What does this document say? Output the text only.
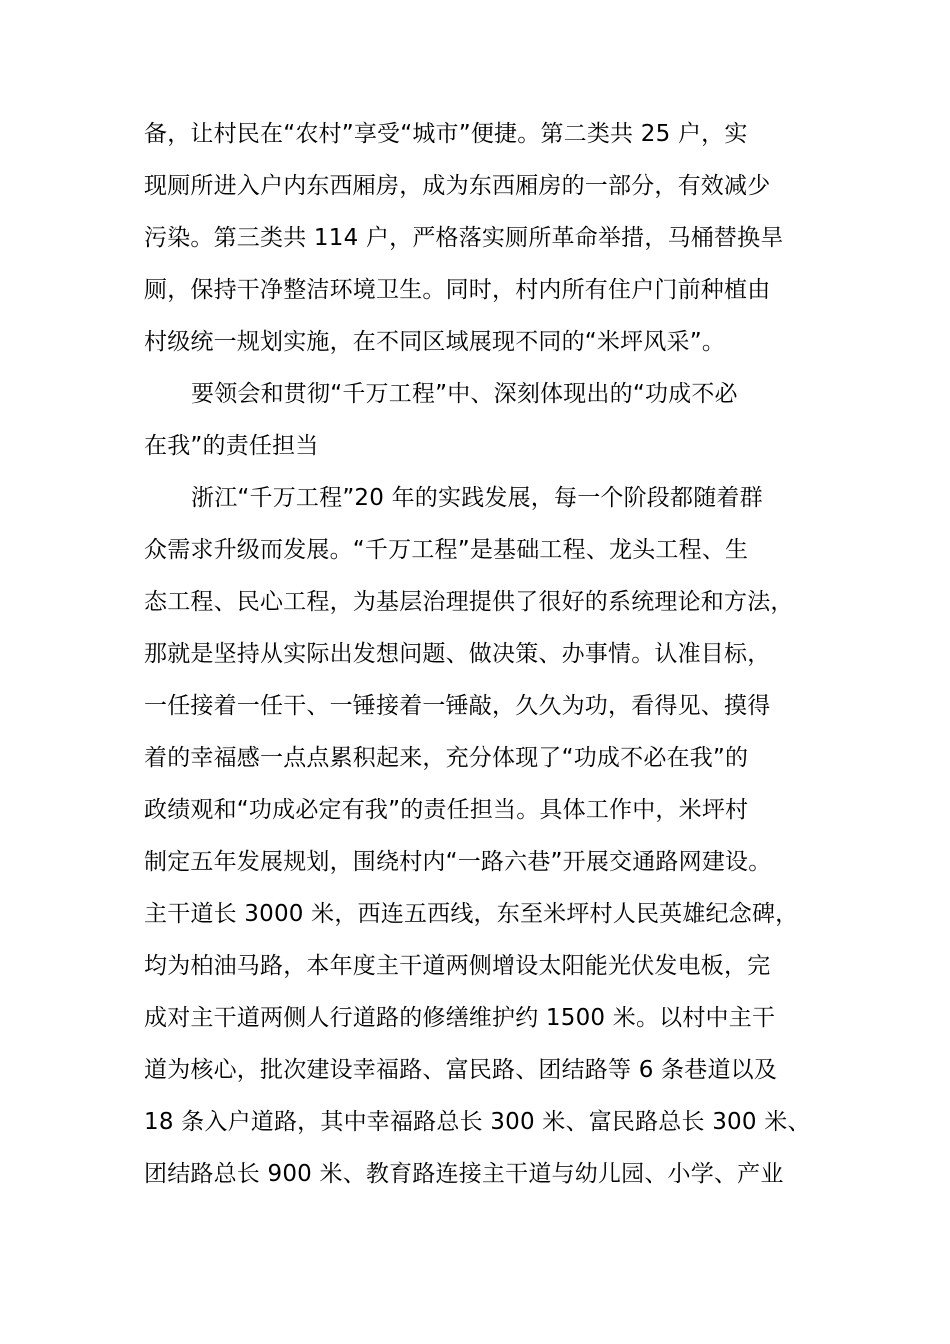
备，让村民在“农村”享受“城市”便捷。第二类共 25 户，实
现厕所进入户内东西厢房，成为东西厢房的一部分，有效减少
污染。第三类共 114 户，严格落实厕所革命举措，马桶替换旱
厕，保持干净整洁环境卫生。同时，村内所有住户门前种植由
村级统一规划实施，在不同区域展现不同的“米坪风采”。
要领会和贯彻“千万工程”中、深刻体现出的“功成不必
在我”的责任担当
浙江“千万工程”20 年的实践发展，每一个阶段都随着群
众需求升级而发展。“千万工程”是基础工程、龙头工程、生
态工程、民心工程，为基层治理提供了很好的系统理论和方法，
那就是坚持从实际出发想问题、做决策、办事情。认准目标，
一任接着一任干、一锤接着一锤敲，久久为功，看得见、摸得
着的幸福感一点点累积起来，充分体现了“功成不必在我”的
政绩观和“功成必定有我”的责任担当。具体工作中，米坪村
制定五年发展规划，围绕村内“一路六巷”开展交通路网建设。
主干道长 3000 米，西连五西线，东至米坪村人民英雄纪念碑，
均为柏油马路，本年度主干道两侧增设太阳能光伏发电板，完
成对主干道两侧人行道路的修缮维护约 1500 米。以村中主干
道为核心，批次建设幸福路、富民路、团结路等 6 条巷道以及
18 条入户道路，其中幸福路总长 300 米、富民路总长 300 米、
团结路总长 900 米、教育路连接主干道与幼儿园、小学、产业
